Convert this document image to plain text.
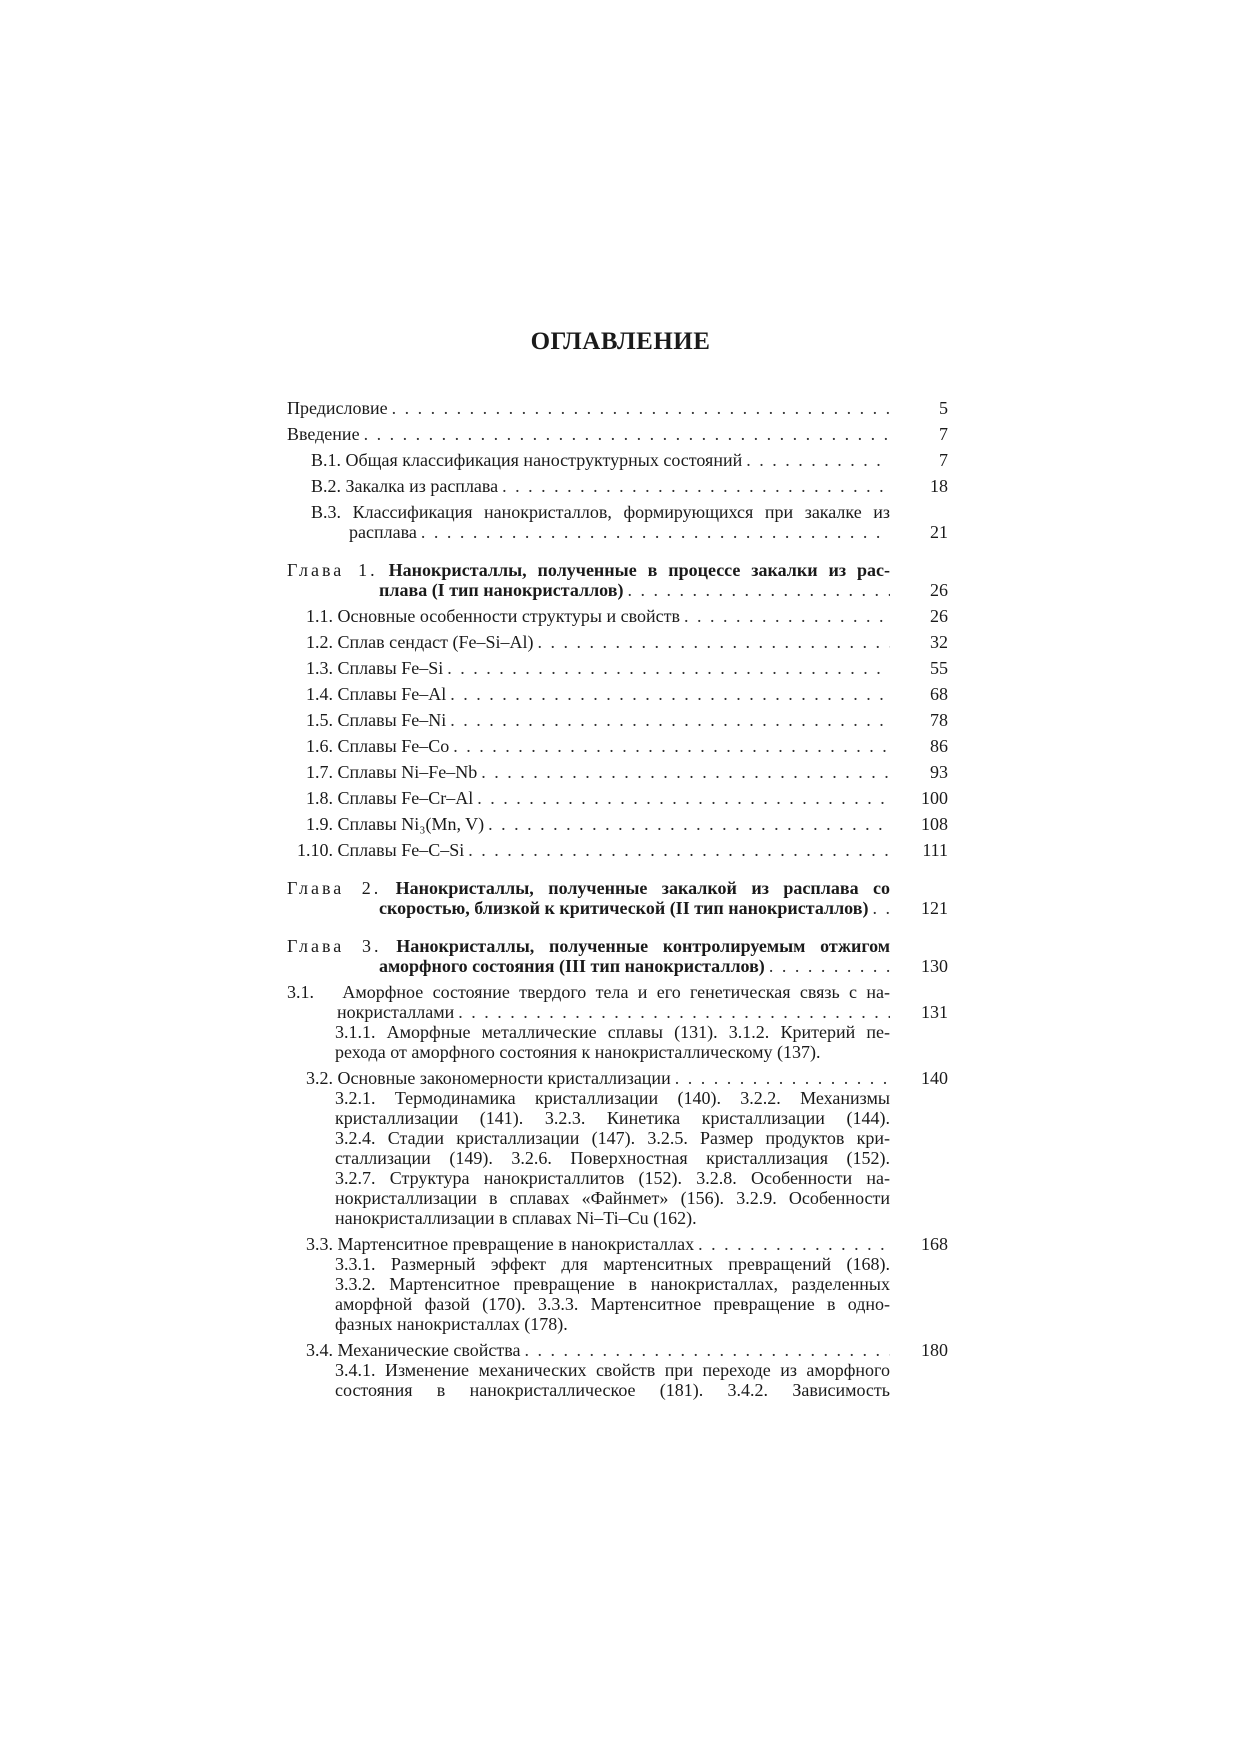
ОГЛАВЛЕНИЕ
Предисловие . . .	5
Введение . . .	7
В.1.
Общая классификация наноструктурных состояний . . .	7
В.2.
Закалка из расплава . . .	18
В.3. Классификация нанокристаллов, формирующихся при закалке из
расплава . . .	21
Глава 1. Нанокристаллы, полученные в процессе закалки из рас-
плава (I тип нанокристаллов) . . .	26
1.1.
Основные особенности структуры и свойств . . .	26
1.2.
Сплав сендаст (Fe–Si–Al) . . .	32
1.3.
Сплавы Fe–Si . . .	55
1.4.
Сплавы Fe–Al . . .	68
1.5.
Сплавы Fe–Ni . . .	78
1.6.
Сплавы Fe–Co . . .	86
1.7.
Сплавы Ni–Fe–Nb . . .	93
1.8.
Сплавы Fe–Cr–Al . . .	100
1.9.
Сплавы Ni₃(Mn, V) . . .	108
1.10.
Сплавы Fe–C–Si . . .	111
Глава 2. Нанокристаллы, полученные закалкой из расплава со
скоростью, близкой к критической (II тип нанокристаллов) . . .	121
Глава 3. Нанокристаллы, полученные контролируемым отжигом
аморфного состояния (III тип нанокристаллов) . . .	130
3.1. Аморфное состояние твердого тела и его генетическая связь с на-
нокристаллами . . .	131
3.1.1. Аморфные металлические сплавы (131). 3.1.2. Критерий пе-
рехода от аморфного состояния к нанокристаллическому (137).
3.2.
Основные закономерности кристаллизации . . .	140
3.2.1. Термодинамика кристаллизации (140). 3.2.2. Механизмы
кристаллизации (141). 3.2.3. Кинетика кристаллизации (144).
3.2.4. Стадии кристаллизации (147). 3.2.5. Размер продуктов кри-
сталлизации (149). 3.2.6. Поверхностная кристаллизация (152).
3.2.7. Структура нанокристаллитов (152). 3.2.8. Особенности на-
нокристаллизации в сплавах «Файнмет» (156). 3.2.9. Особенности
нанокристаллизации в сплавах Ni–Ti–Cu (162).
3.3.
Мартенситное превращение в нанокристаллах . . .	168
3.3.1. Размерный эффект для мартенситных превращений (168).
3.3.2. Мартенситное превращение в нанокристаллах, разделенных
аморфной фазой (170). 3.3.3. Мартенситное превращение в одно-
фазных нанокристаллах (178).
3.4.
Механические свойства . . .	180
3.4.1. Изменение механических свойств при переходе из аморфного
состояния в нанокристаллическое (181). 3.4.2. Зависимость
